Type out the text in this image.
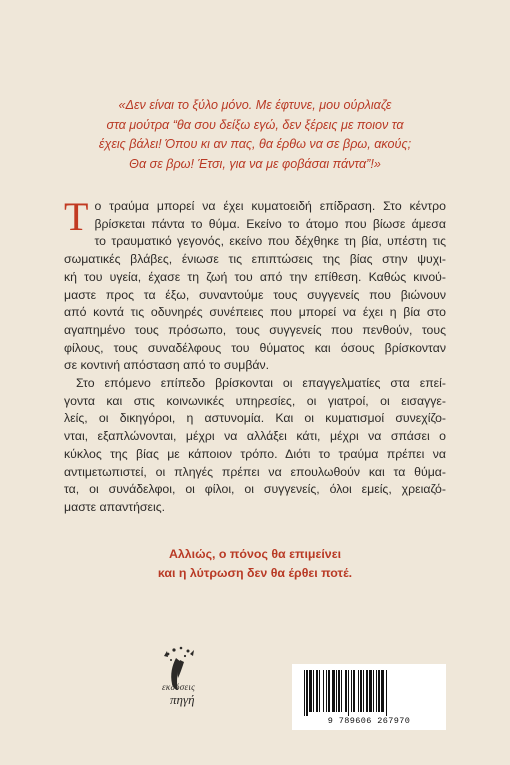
«Δεν είναι το ξύλο μόνο. Με έφτυνε, μου ούρλιαζε
στα μούτρα “θα σου δείξω εγώ, δεν ξέρεις με ποιον τα
έχεις βάλει! Όπου κι αν πας, θα έρθω να σε βρω, ακούς;
Θα σε βρω! Έτσι, για να με φοβάσαι πάντα”!»
Τ ο τραύμα μπορεί να έχει κυματοειδή επίδραση. Στο κέντρο
βρίσκεται πάντα το θύμα. Εκείνο το άτομο που βίωσε άμεσα
το τραυματικό γεγονός, εκείνο που δέχθηκε τη βία, υπέστη τις
σωματικές βλάβες, ένιωσε τις επιπτώσεις της βίας στην ψυχι-
κή του υγεία, έχασε τη ζωή του από την επίθεση. Καθώς κινού-
μαστε προς τα έξω, συναντούμε τους συγγενείς που βιώνουν
από κοντά τις οδυνηρές συνέπειες που μπορεί να έχει η βία στο
αγαπημένο τους πρόσωπο, τους συγγενείς που πενθούν, τους
φίλους, τους συναδέλφους του θύματος και όσους βρίσκονταν
σε κοντινή απόσταση από το συμβάν.
Στο επόμενο επίπεδο βρίσκονται οι επαγγελματίες στα επεί-
γοντα και στις κοινωνικές υπηρεσίες, οι γιατροί, οι εισαγγε-
λείς, οι δικηγόροι, η αστυνομία. Και οι κυματισμοί συνεχίζο-
νται, εξαπλώνονται, μέχρι να αλλάξει κάτι, μέχρι να σπάσει ο
κύκλος της βίας με κάποιον τρόπο. Διότι το τραύμα πρέπει να
αντιμετωπιστεί, οι πληγές πρέπει να επουλωθούν και τα θύμα-
τα, οι συνάδελφοι, οι φίλοι, οι συγγενείς, όλοι εμείς, χρειαζό-
μαστε απαντήσεις.
Αλλιώς, ο πόνος θα επιμείνει
και η λύτρωση δεν θα έρθει ποτέ.
εκδόσεις
πηγή
9 789606 267970
